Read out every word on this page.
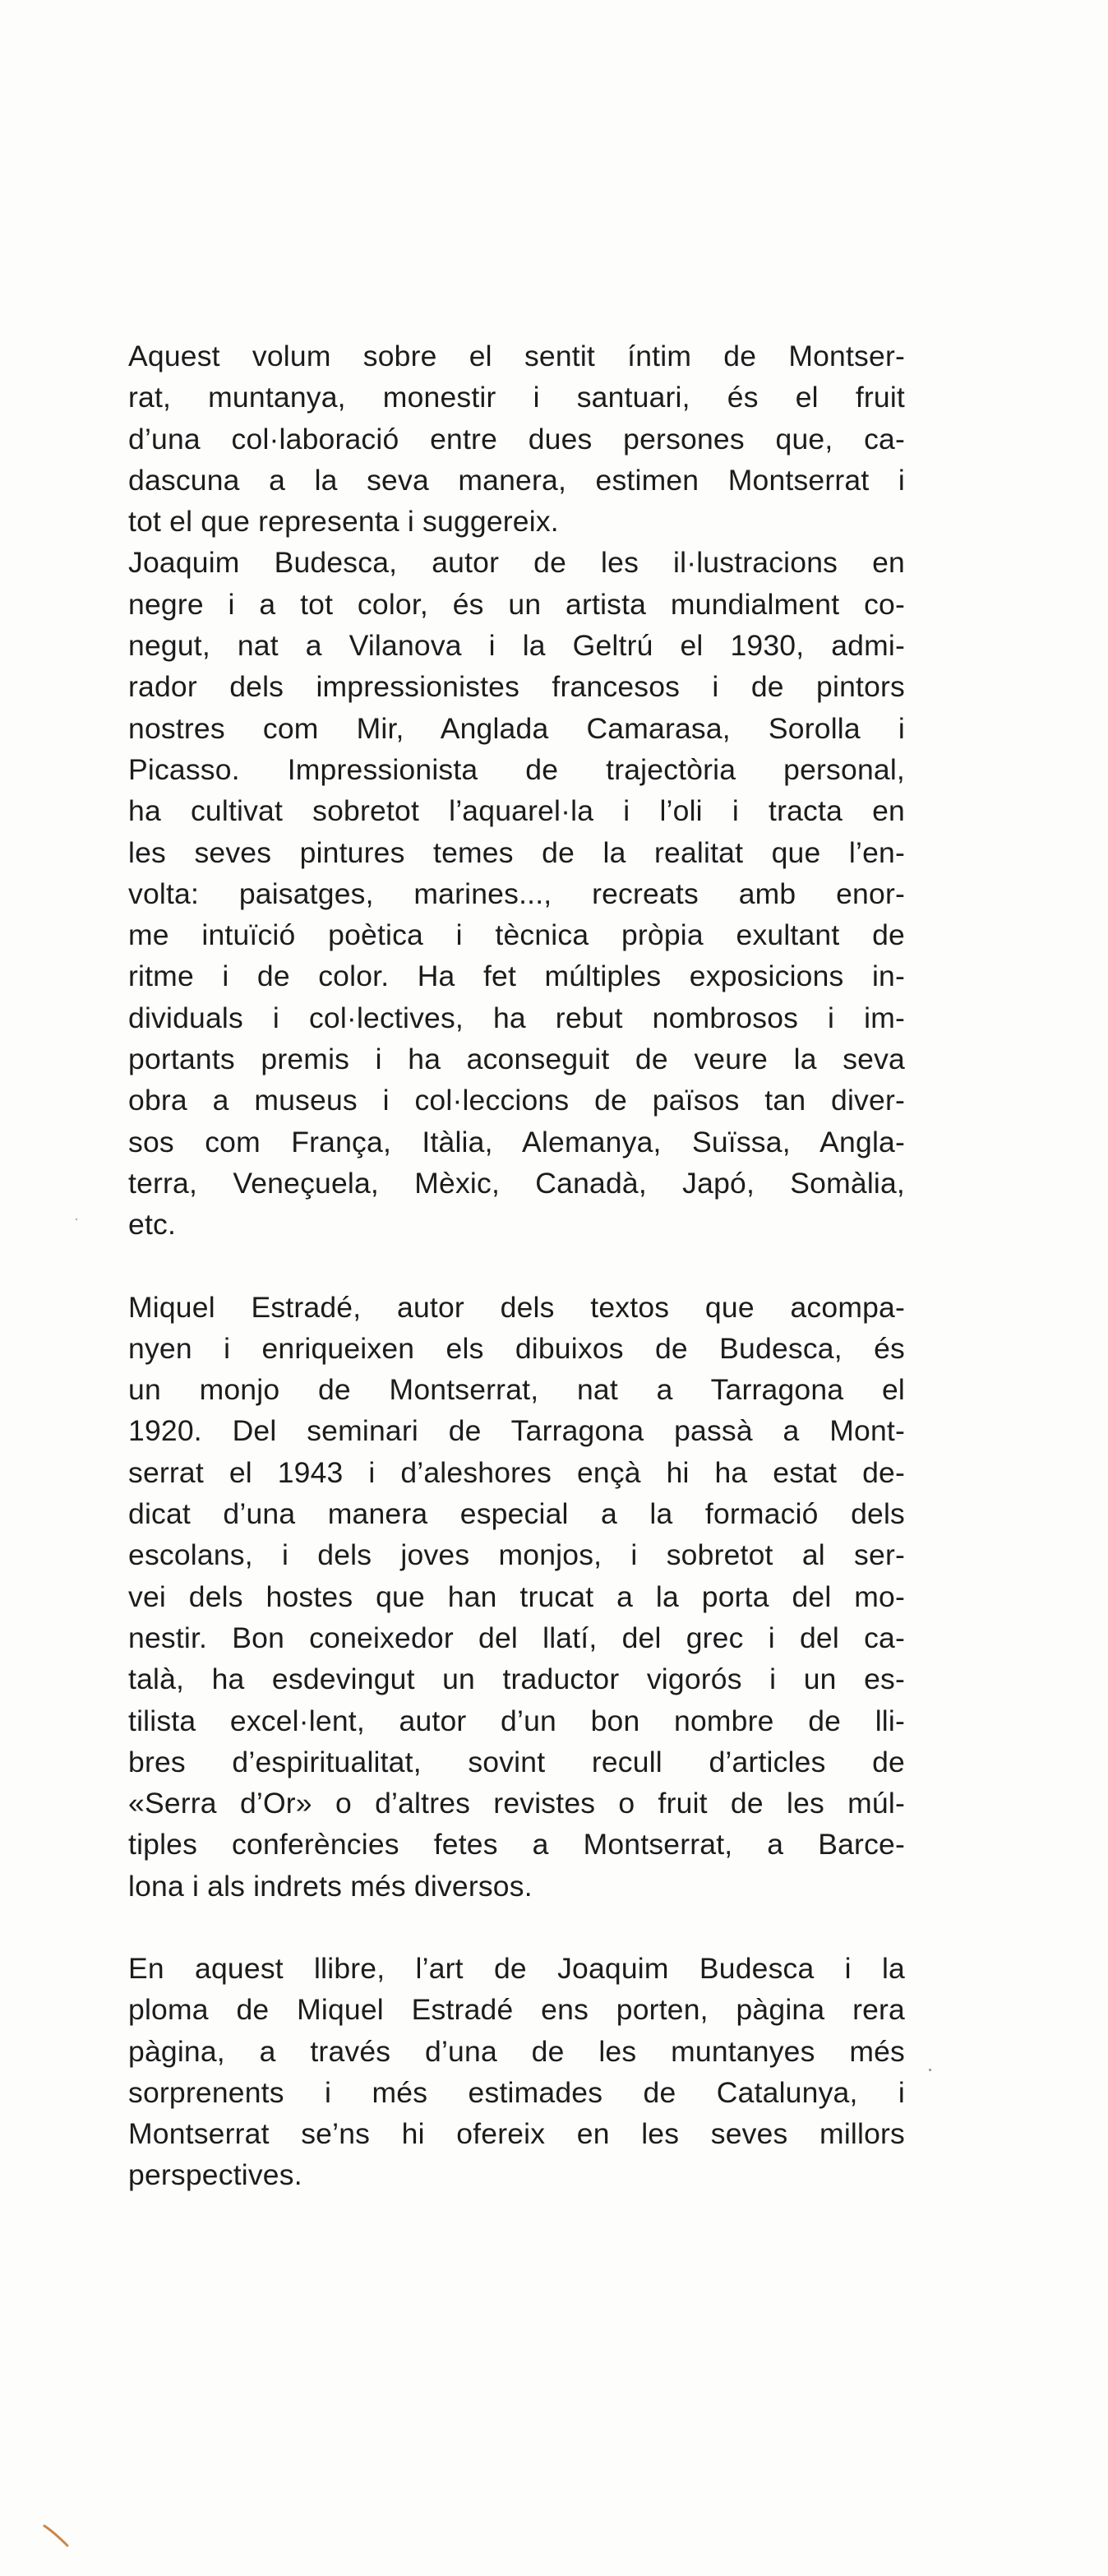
Aquest volum sobre el sentit íntim de Montser-
rat, muntanya, monestir i santuari, és el fruit
d’una col·laboració entre dues persones que, ca-
dascuna a la seva manera, estimen Montserrat i
tot el que representa i suggereix.
Joaquim Budesca, autor de les il·lustracions en
negre i a tot color, és un artista mundialment co-
negut, nat a Vilanova i la Geltrú el 1930, admi-
rador dels impressionistes francesos i de pintors
nostres com Mir, Anglada Camarasa, Sorolla i
Picasso. Impressionista de trajectòria personal,
ha cultivat sobretot l’aquarel·la i l’oli i tracta en
les seves pintures temes de la realitat que l’en-
volta: paisatges, marines..., recreats amb enor-
me intuïció poètica i tècnica pròpia exultant de
ritme i de color. Ha fet múltiples exposicions in-
dividuals i col·lectives, ha rebut nombrosos i im-
portants premis i ha aconseguit de veure la seva
obra a museus i col·leccions de països tan diver-
sos com França, Itàlia, Alemanya, Suïssa, Angla-
terra, Veneçuela, Mèxic, Canadà, Japó, Somàlia,
etc.
Miquel Estradé, autor dels textos que acompa-
nyen i enriqueixen els dibuixos de Budesca, és
un monjo de Montserrat, nat a Tarragona el
1920. Del seminari de Tarragona passà a Mont-
serrat el 1943 i d’aleshores ençà hi ha estat de-
dicat d’una manera especial a la formació dels
escolans, i dels joves monjos, i sobretot al ser-
vei dels hostes que han trucat a la porta del mo-
nestir. Bon coneixedor del llatí, del grec i del ca-
talà, ha esdevingut un traductor vigorós i un es-
tilista excel·lent, autor d’un bon nombre de lli-
bres d’espiritualitat, sovint recull d’articles de
«Serra d’Or» o d’altres revistes o fruit de les múl-
tiples conferències fetes a Montserrat, a Barce-
lona i als indrets més diversos.
En aquest llibre, l’art de Joaquim Budesca i la
ploma de Miquel Estradé ens porten, pàgina rera
pàgina, a través d’una de les muntanyes més
sorprenents i més estimades de Catalunya, i
Montserrat se’ns hi ofereix en les seves millors
perspectives.
